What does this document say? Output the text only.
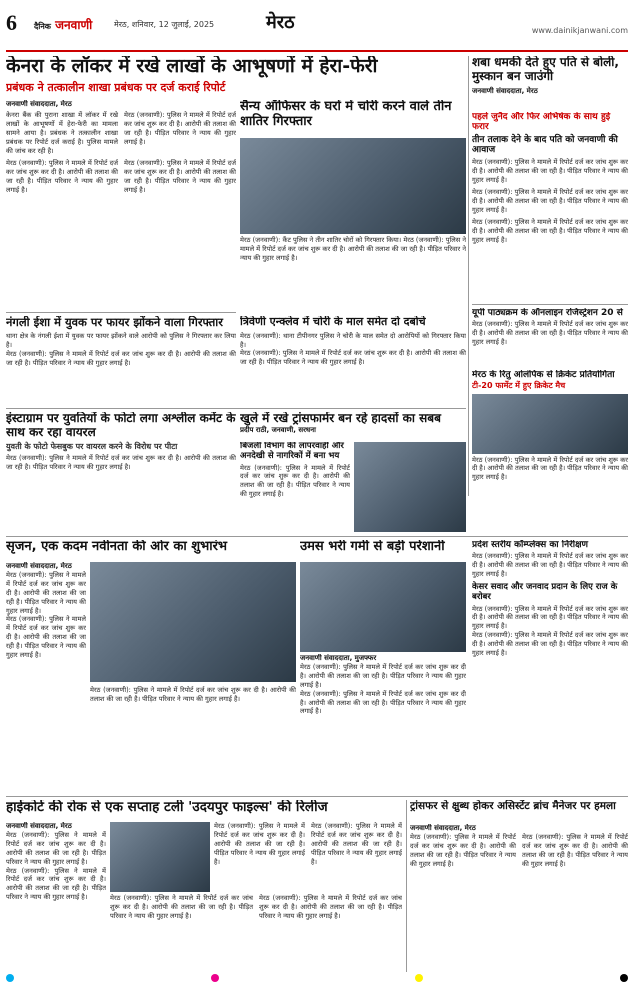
6 दैनिक जनवाणी	मेरठ, शनिवार, 12 जुलाई, 2025	मेरठ	www.dainikjanwani.com
केनरा के लॉकर में रखे लाखों के आभूषणों में हेरा-फेरी
प्रबंधक ने तत्कालीन शाखा प्रबंधक पर दर्ज कराई रिपोर्ट
शबा धमकी देते हुए पति से बोली, मुस्कान बन जाउंगी
जनवाणी संवाददाता, मेरठ
जनवाणी संवाददाता, मेरठ
केनरा बैंक की पुराना शाखा में लॉकर में रखे लाखों के आभूषणों में हेरा-फेरी का मामला सामने आया है। प्रबंधक ने तत्कालीन शाखा प्रबंधक पर रिपोर्ट दर्ज कराई है। पुलिस मामले की जांच कर रही है।
मेरठ (जनवाणी): पुलिस ने मामले में रिपोर्ट दर्ज कर जांच शुरू कर दी है। आरोपी की तलाश की जा रही है। पीड़ित परिवार ने न्याय की गुहार लगाई है।
मेरठ (जनवाणी): पुलिस ने मामले में रिपोर्ट दर्ज कर जांच शुरू कर दी है। आरोपी की तलाश की जा रही है। पीड़ित परिवार ने न्याय की गुहार लगाई है।
मेरठ (जनवाणी): पुलिस ने मामले में रिपोर्ट दर्ज कर जांच शुरू कर दी है। आरोपी की तलाश की जा रही है। पीड़ित परिवार ने न्याय की गुहार लगाई है।
सैन्य ऑफिसर के घरों में चोरी करने वाले तीन शातिर गिरफ्तार
मेरठ (जनवाणी): कैंट पुलिस ने तीन शातिर चोरों को गिरफ्तार किया। मेरठ (जनवाणी): पुलिस ने मामले में रिपोर्ट दर्ज कर जांच शुरू कर दी है। आरोपी की तलाश की जा रही है। पीड़ित परिवार ने न्याय की गुहार लगाई है।
पहले जुनैद और फिर अभिषेक के साथ हुई फरार
तीन तलाक देने के बाद पति को जनवाणी की आवाज
मेरठ (जनवाणी): पुलिस ने मामले में रिपोर्ट दर्ज कर जांच शुरू कर दी है। आरोपी की तलाश की जा रही है। पीड़ित परिवार ने न्याय की गुहार लगाई है।
मेरठ (जनवाणी): पुलिस ने मामले में रिपोर्ट दर्ज कर जांच शुरू कर दी है। आरोपी की तलाश की जा रही है। पीड़ित परिवार ने न्याय की गुहार लगाई है।
मेरठ (जनवाणी): पुलिस ने मामले में रिपोर्ट दर्ज कर जांच शुरू कर दी है। आरोपी की तलाश की जा रही है। पीड़ित परिवार ने न्याय की गुहार लगाई है।
नंगली ईशा में युवक पर फायर झोंकने वाला गिरफ्तार
थाना क्षेत्र के नंगली ईशा में युवक पर फायर झोंकने वाले आरोपी को पुलिस ने गिरफ्तार कर लिया है।
मेरठ (जनवाणी): पुलिस ने मामले में रिपोर्ट दर्ज कर जांच शुरू कर दी है। आरोपी की तलाश की जा रही है। पीड़ित परिवार ने न्याय की गुहार लगाई है।
त्रिवेणी एन्क्लेव में चोरी के माल समेत दो दबोचे
मेरठ (जनवाणी): थाना टीपीनगर पुलिस ने चोरी के माल समेत दो आरोपियों को गिरफ्तार किया है।
मेरठ (जनवाणी): पुलिस ने मामले में रिपोर्ट दर्ज कर जांच शुरू कर दी है। आरोपी की तलाश की जा रही है। पीड़ित परिवार ने न्याय की गुहार लगाई है।
यूपी पाठ्यक्रम के ऑनलाइन रजिस्ट्रेशन 20 से
मेरठ (जनवाणी): पुलिस ने मामले में रिपोर्ट दर्ज कर जांच शुरू कर दी है। आरोपी की तलाश की जा रही है। पीड़ित परिवार ने न्याय की गुहार लगाई है।
मेरठ के रितु ओलंपिक से क्रिकेट प्रतियोगिता
टी-20 फार्मेट में हुए क्रिकेट मैच
मेरठ (जनवाणी): पुलिस ने मामले में रिपोर्ट दर्ज कर जांच शुरू कर दी है। आरोपी की तलाश की जा रही है। पीड़ित परिवार ने न्याय की गुहार लगाई है।
इंस्टाग्राम पर युवतियों के फोटो लगा अश्लील कमेंट के साथ कर रहा वायरल
युवती के फोटो फेसबुक पर वायरल करने के विरोध पर पीटा
मेरठ (जनवाणी): पुलिस ने मामले में रिपोर्ट दर्ज कर जांच शुरू कर दी है। आरोपी की तलाश की जा रही है। पीड़ित परिवार ने न्याय की गुहार लगाई है।
खुले में रखे ट्रांसफार्मर बन रहे हादसों का सबब
प्रदीप राठी, जनवाणी, सरधना
बिजली विभाग की लापरवाही और अनदेखी से नागरिकों में बना भय
मेरठ (जनवाणी): पुलिस ने मामले में रिपोर्ट दर्ज कर जांच शुरू कर दी है। आरोपी की तलाश की जा रही है। पीड़ित परिवार ने न्याय की गुहार लगाई है।
सृजन, एक कदम नवीनता की ओर का शुभारंभ
जनवाणी संवाददाता, मेरठ
मेरठ (जनवाणी): पुलिस ने मामले में रिपोर्ट दर्ज कर जांच शुरू कर दी है। आरोपी की तलाश की जा रही है। पीड़ित परिवार ने न्याय की गुहार लगाई है।
मेरठ (जनवाणी): पुलिस ने मामले में रिपोर्ट दर्ज कर जांच शुरू कर दी है। आरोपी की तलाश की जा रही है। पीड़ित परिवार ने न्याय की गुहार लगाई है।
मेरठ (जनवाणी): पुलिस ने मामले में रिपोर्ट दर्ज कर जांच शुरू कर दी है। आरोपी की तलाश की जा रही है। पीड़ित परिवार ने न्याय की गुहार लगाई है।
उमस भरी गर्मी से बड़ी परेशानी
जनवाणी संवाददाता, मुजफ्फर
मेरठ (जनवाणी): पुलिस ने मामले में रिपोर्ट दर्ज कर जांच शुरू कर दी है। आरोपी की तलाश की जा रही है। पीड़ित परिवार ने न्याय की गुहार लगाई है।
मेरठ (जनवाणी): पुलिस ने मामले में रिपोर्ट दर्ज कर जांच शुरू कर दी है। आरोपी की तलाश की जा रही है। पीड़ित परिवार ने न्याय की गुहार लगाई है।
प्रदेश स्तरीय कॉम्प्लेक्स का निरीक्षण
मेरठ (जनवाणी): पुलिस ने मामले में रिपोर्ट दर्ज कर जांच शुरू कर दी है। आरोपी की तलाश की जा रही है। पीड़ित परिवार ने न्याय की गुहार लगाई है।
केसर सवाद और जनवाद प्रदान के लिए राज के बरोबर
मेरठ (जनवाणी): पुलिस ने मामले में रिपोर्ट दर्ज कर जांच शुरू कर दी है। आरोपी की तलाश की जा रही है। पीड़ित परिवार ने न्याय की गुहार लगाई है।
मेरठ (जनवाणी): पुलिस ने मामले में रिपोर्ट दर्ज कर जांच शुरू कर दी है। आरोपी की तलाश की जा रही है। पीड़ित परिवार ने न्याय की गुहार लगाई है।
हाईकोर्ट की रोक से एक सप्ताह टली 'उदयपुर फाइल्स' की रिलीज
जनवाणी संवाददाता, मेरठ
मेरठ (जनवाणी): पुलिस ने मामले में रिपोर्ट दर्ज कर जांच शुरू कर दी है। आरोपी की तलाश की जा रही है। पीड़ित परिवार ने न्याय की गुहार लगाई है।
मेरठ (जनवाणी): पुलिस ने मामले में रिपोर्ट दर्ज कर जांच शुरू कर दी है। आरोपी की तलाश की जा रही है। पीड़ित परिवार ने न्याय की गुहार लगाई है।	मेरठ (जनवाणी): पुलिस ने मामले में रिपोर्ट दर्ज कर जांच शुरू कर दी है। आरोपी की तलाश की जा रही है। पीड़ित परिवार ने न्याय की गुहार लगाई है।
मेरठ (जनवाणी): पुलिस ने मामले में रिपोर्ट दर्ज कर जांच शुरू कर दी है। आरोपी की तलाश की जा रही है। पीड़ित परिवार ने न्याय की गुहार लगाई है।
मेरठ (जनवाणी): पुलिस ने मामले में रिपोर्ट दर्ज कर जांच शुरू कर दी है। आरोपी की तलाश की जा रही है। पीड़ित परिवार ने न्याय की गुहार लगाई है।
मेरठ (जनवाणी): पुलिस ने मामले में रिपोर्ट दर्ज कर जांच शुरू कर दी है। आरोपी की तलाश की जा रही है। पीड़ित परिवार ने न्याय की गुहार लगाई है।
ट्रांसफर से क्षुब्ध होकर असिस्टेंट ब्रांच मैनेजर पर हमला
जनवाणी संवाददाता, मेरठ
मेरठ (जनवाणी): पुलिस ने मामले में रिपोर्ट दर्ज कर जांच शुरू कर दी है। आरोपी की तलाश की जा रही है। पीड़ित परिवार ने न्याय की गुहार लगाई है।
मेरठ (जनवाणी): पुलिस ने मामले में रिपोर्ट दर्ज कर जांच शुरू कर दी है। आरोपी की तलाश की जा रही है। पीड़ित परिवार ने न्याय की गुहार लगाई है।
